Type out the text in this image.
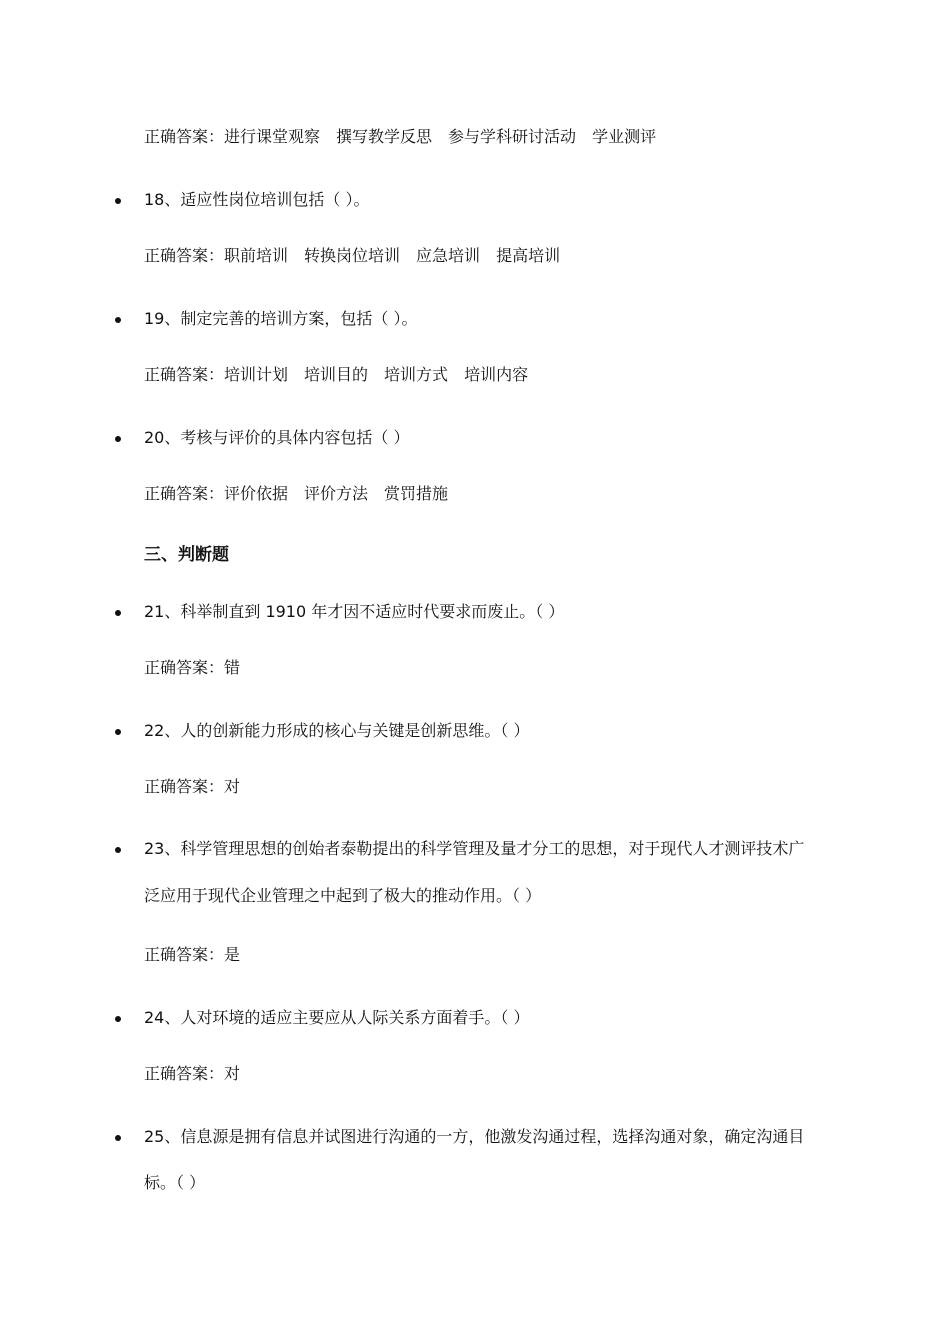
正确答案：进行课堂观察 撰写教学反思 参与学科研讨活动 学业测评
18、适应性岗位培训包括（ ）。
正确答案：职前培训 转换岗位培训 应急培训 提高培训
19、制定完善的培训方案，包括（ ）。
正确答案：培训计划 培训目的 培训方式 培训内容
20、考核与评价的具体内容包括（ ）
正确答案：评价依据 评价方法 赏罚措施
三、判断题
21、科举制直到 1910 年才因不适应时代要求而废止。（ ）
正确答案：错
22、人的创新能力形成的核心与关键是创新思维。（ ）
正确答案：对
23、科学管理思想的创始者泰勒提出的科学管理及量才分工的思想，对于现代人才测评技术广
泛应用于现代企业管理之中起到了极大的推动作用。（ ）
正确答案：是
24、人对环境的适应主要应从人际关系方面着手。（ ）
正确答案：对
25、信息源是拥有信息并试图进行沟通的一方，他激发沟通过程，选择沟通对象，确定沟通目
标。（ ）
